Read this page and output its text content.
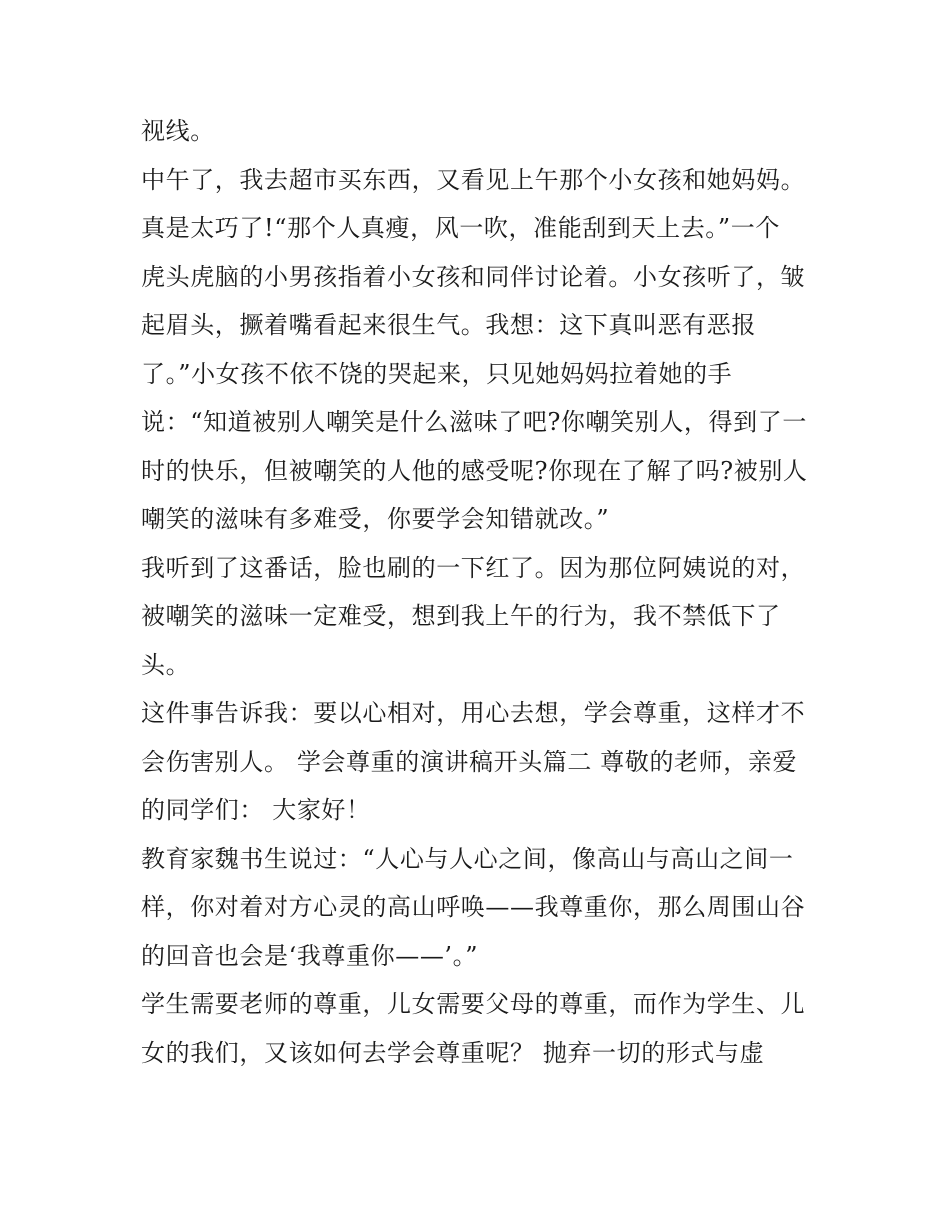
视线。
中午了，我去超市买东西，又看见上午那个小女孩和她妈妈。
真是太巧了!“那个人真瘦，风一吹，准能刮到天上去。”一个
虎头虎脑的小男孩指着小女孩和同伴讨论着。小女孩听了，皱
起眉头，撅着嘴看起来很生气。我想：这下真叫恶有恶报
了。”小女孩不依不饶的哭起来，只见她妈妈拉着她的手
说：“知道被别人嘲笑是什么滋味了吧?你嘲笑别人，得到了一
时的快乐，但被嘲笑的人他的感受呢?你现在了解了吗?被别人
嘲笑的滋味有多难受，你要学会知错就改。”
我听到了这番话，脸也刷的一下红了。因为那位阿姨说的对，
被嘲笑的滋味一定难受，想到我上午的行为，我不禁低下了
头。
这件事告诉我：要以心相对，用心去想，学会尊重，这样才不
会伤害别人。 学会尊重的演讲稿开头篇二 尊敬的老师，亲爱
的同学们： 大家好！
教育家魏书生说过：“人心与人心之间，像高山与高山之间一
样，你对着对方心灵的高山呼唤——我尊重你，那么周围山谷
的回音也会是‘我尊重你——’。”
学生需要老师的尊重，儿女需要父母的尊重，而作为学生、儿
女的我们，又该如何去学会尊重呢？ 抛弃一切的形式与虚
